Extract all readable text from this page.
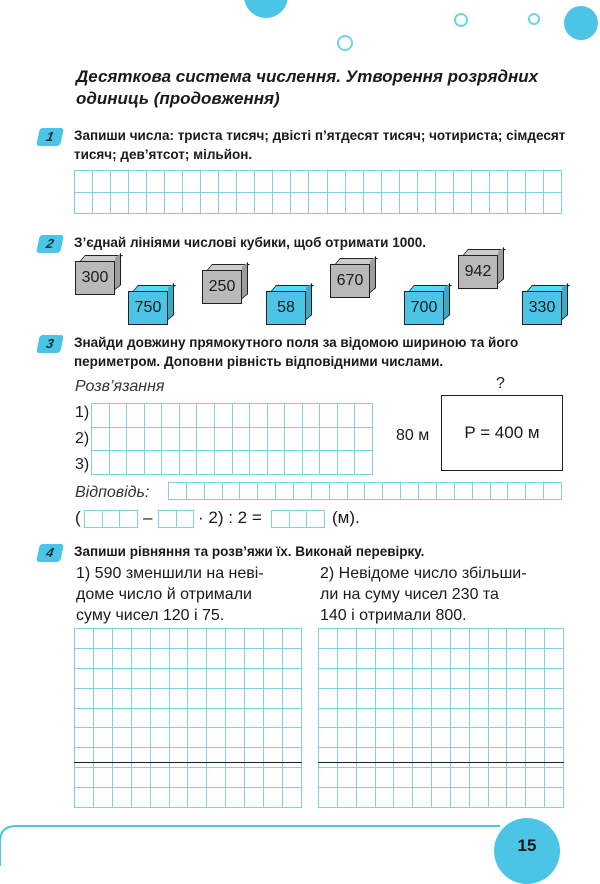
Десяткова система числення. Утворення розрядних одиниць (продовження)
1	Запиши числа: триста тисяч; двісті п’ятдесят тисяч; чотириста; сімдесят тисяч; дев’ятсот; мільйон.
2	З’єднай лініями числові кубики, щоб отримати 1000.
300
750
250
58
670
700
942
330
3	Знайди довжину прямокутного поля за відомою шириною та його периметром. Доповни рівність відповідними числами.
Розв’язання	?
1)
2)
3)
80 м P = 400 м
Відповідь:
(	–	· 2) : 2 =	(м).
4	Запиши рівняння та розв’яжи їх. Виконай перевірку.
1) 590 зменшили на неві-
доме число й отримали
суму чисел 120 і 75.
2) Невідоме число збільши-
ли на суму чисел 230 та
140 і отримали 800.
15
